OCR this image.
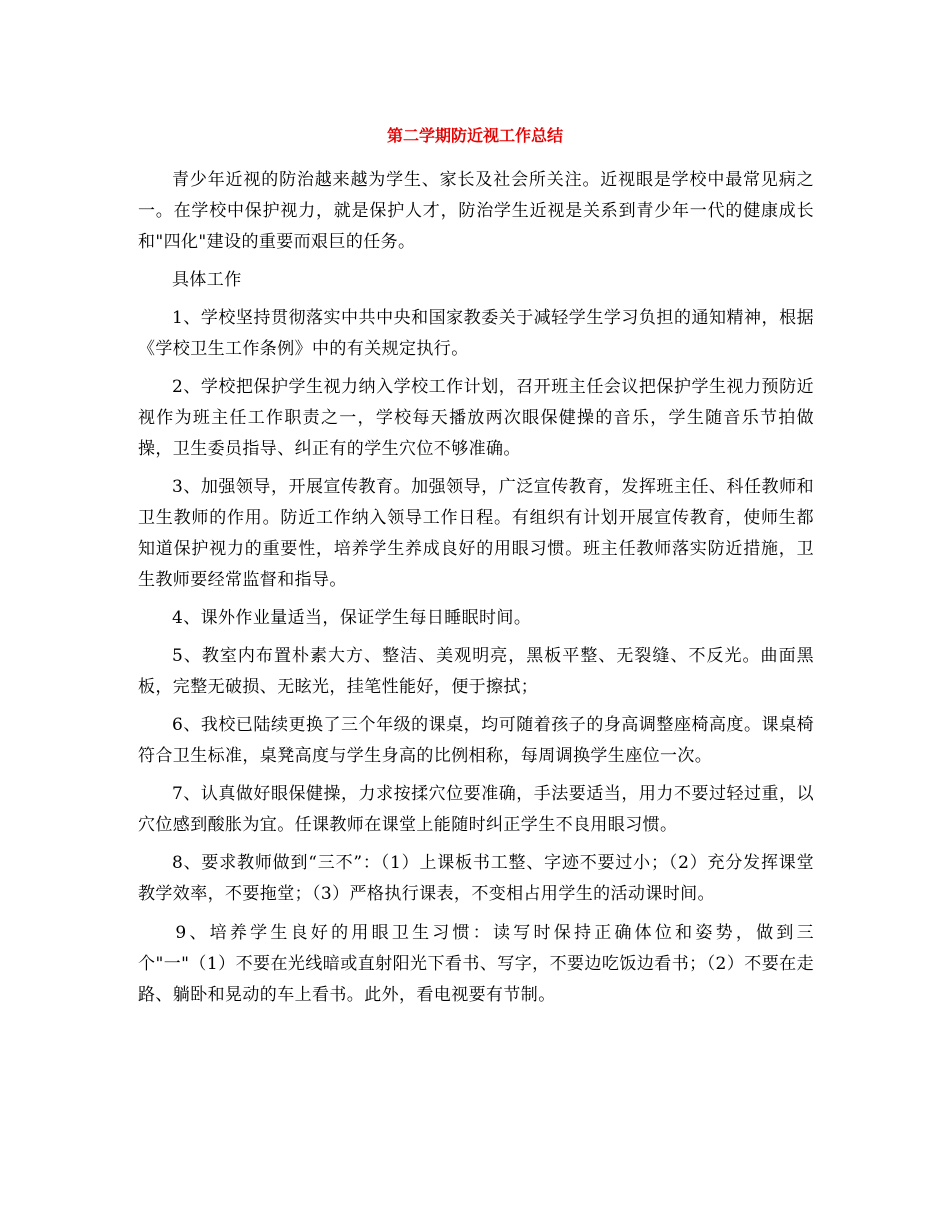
第二学期防近视工作总结

青少年近视的防治越来越为学生、家长及社会所关注。近视眼是学校中最常见病之一。在学校中保护视力，就是保护人才，防治学生近视是关系到青少年一代的健康成长和"四化"建设的重要而艰巨的任务。

具体工作

1、学校坚持贯彻落实中共中央和国家教委关于减轻学生学习负担的通知精神，根据《学校卫生工作条例》中的有关规定执行。

2、学校把保护学生视力纳入学校工作计划，召开班主任会议把保护学生视力预防近视作为班主任工作职责之一，学校每天播放两次眼保健操的音乐，学生随音乐节拍做操，卫生委员指导、纠正有的学生穴位不够准确。

3、加强领导，开展宣传教育。加强领导，广泛宣传教育，发挥班主任、科任教师和卫生教师的作用。防近工作纳入领导工作日程。有组织有计划开展宣传教育，使师生都知道保护视力的重要性，培养学生养成良好的用眼习惯。班主任教师落实防近措施，卫生教师要经常监督和指导。

4、课外作业量适当，保证学生每日睡眠时间。

5、教室内布置朴素大方、整洁、美观明亮，黑板平整、无裂缝、不反光。曲面黑板，完整无破损、无眩光，挂笔性能好，便于擦拭；

6、我校已陆续更换了三个年级的课桌，均可随着孩子的身高调整座椅高度。课桌椅符合卫生标准，桌凳高度与学生身高的比例相称，每周调换学生座位一次。

7、认真做好眼保健操，力求按揉穴位要准确，手法要适当，用力不要过轻过重，以穴位感到酸胀为宜。任课教师在课堂上能随时纠正学生不良用眼习惯。

8、要求教师做到“三不”：（1）上课板书工整、字迹不要过小；（2）充分发挥课堂教学效率，不要拖堂；（3）严格执行课表，不变相占用学生的活动课时间。

9、培养学生良好的用眼卫生习惯：读写时保持正确体位和姿势，做到三个"一"（1）不要在光线暗或直射阳光下看书、写字，不要边吃饭边看书；（2）不要在走路、躺卧和晃动的车上看书。此外，看电视要有节制。
